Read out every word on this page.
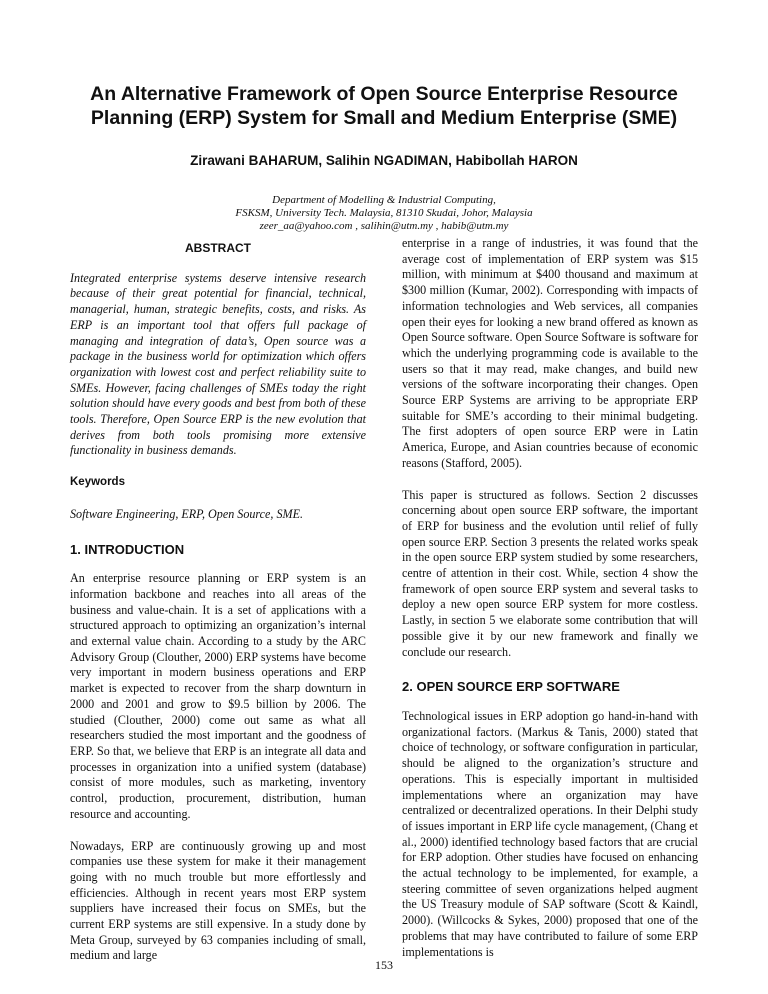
An Alternative Framework of Open Source Enterprise Resource
Planning (ERP) System for Small and Medium Enterprise (SME)
Zirawani BAHARUM, Salihin NGADIMAN, Habibollah HARON
Department of Modelling & Industrial Computing,
FSKSM, University Tech. Malaysia, 81310 Skudai, Johor, Malaysia
zeer_aa@yahoo.com , salihin@utm.my , habib@utm.my
ABSTRACT

Integrated enterprise systems deserve intensive research because of their great potential for financial, technical, managerial, human, strategic benefits, costs, and risks. As ERP is an important tool that offers full package of managing and integration of data’s, Open source was a package in the business world for optimization which offers organization with lowest cost and perfect reliability suite to SMEs. However, facing challenges of SMEs today the right solution should have every goods and best from both of these tools. Therefore, Open Source ERP is the new evolution that derives from both tools promising more extensive functionality in business demands.

Keywords

Software Engineering, ERP, Open Source, SME.

1. INTRODUCTION

An enterprise resource planning or ERP system is an information backbone and reaches into all areas of the business and value-chain. It is a set of applications with a structured approach to optimizing an organization’s internal and external value chain. According to a study by the ARC Advisory Group (Clouther, 2000) ERP systems have become very important in modern business operations and ERP market is expected to recover from the sharp downturn in 2000 and 2001 and grow to $9.5 billion by 2006. The studied (Clouther, 2000) come out same as what all researchers studied the most important and the goodness of ERP. So that, we believe that ERP is an integrate all data and processes in organization into a unified system (database) consist of more modules, such as marketing, inventory control, production, procurement, distribution, human resource and accounting.

Nowadays, ERP are continuously growing up and most companies use these system for make it their management going with no much trouble but more effortlessly and efficiencies. Although in recent years most ERP system suppliers have increased their focus on SMEs, but the current ERP systems are still expensive. In a study done by Meta Group, surveyed by 63 companies including of small, medium and large

enterprise in a range of industries, it was found that the average cost of implementation of ERP system was $15 million, with minimum at $400 thousand and maximum at $300 million (Kumar, 2002). Corresponding with impacts of information technologies and Web services, all companies open their eyes for looking a new brand offered as known as Open Source software. Open Source Software is software for which the underlying programming code is available to the users so that it may read, make changes, and build new versions of the software incorporating their changes. Open Source ERP Systems are arriving to be appropriate ERP suitable for SME’s according to their minimal budgeting. The first adopters of open source ERP were in Latin America, Europe, and Asian countries because of economic reasons (Stafford, 2005).

This paper is structured as follows. Section 2 discusses concerning about open source ERP software, the important of ERP for business and the evolution until relief of fully open source ERP. Section 3 presents the related works speak in the open source ERP system studied by some researchers, centre of attention in their cost. While, section 4 show the framework of open source ERP system and several tasks to deploy a new open source ERP system for more costless. Lastly, in section 5 we elaborate some contribution that will possible give it by our new framework and finally we conclude our research.

2. OPEN SOURCE ERP SOFTWARE

Technological issues in ERP adoption go hand-in-hand with organizational factors. (Markus & Tanis, 2000) stated that choice of technology, or software configuration in particular, should be aligned to the organization’s structure and operations. This is especially important in multisided implementations where an organization may have centralized or decentralized operations. In their Delphi study of issues important in ERP life cycle management, (Chang et al., 2000) identified technology based factors that are crucial for ERP adoption. Other studies have focused on enhancing the actual technology to be implemented, for example, a steering committee of seven organizations helped augment the US Treasury module of SAP software (Scott & Kaindl, 2000). (Willcocks & Sykes, 2000) proposed that one of the problems that may have contributed to failure of some ERP implementations is

153
